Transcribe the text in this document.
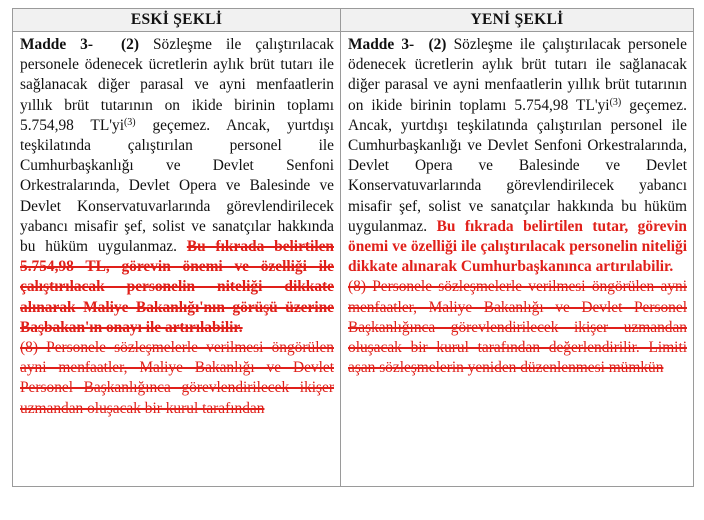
ESKİ ŞEKLİ

Madde 3- (2) Sözleşme ile çalıştırılacak personele ödenecek ücretlerin aylık brüt tutarı ile sağlanacak diğer parasal ve ayni menfaatlerin yıllık brüt tutarının on ikide birinin toplamı 5.754,98 $TL'yi^{(3)}$ geçemez. Ancak, yurtdışı teşkilatında çalıştırılan personel ile Cumhurbaşkanlığı ve Devlet Senfoni Orkestralarında, Devlet Opera ve Balesinde ve Devlet Konservatuvarlarında görevlendirilecek yabancı misafir şef, solist ve sanatçılar hakkında bu hüküm uygulanmaz. Bu fıkrada belirtilen 5.754,98 TL, görevin önemi ve özelliği ile çalıştırılacak personelin niteliği dikkate alınarak Maliye Bakanlığı'nın görüşü üzerine Başbakan'ın onayı ile artırılabilir.

(8) Personele sözleşmelerle verilmesi öngörülen ayni menfaatler, Maliye Bakanlığı ve Devlet Personel Başkanlığınca görevlendirilecek ikişer uzmandan oluşacak bir kurul tarafından

YENİ ŞEKLİ

Madde 3- (2) Sözleşme ile çalıştırılacak personele ödenecek ücretlerin aylık brüt tutarı ile sağlanacak diğer parasal ve ayni menfaatlerin yıllık brüt tutarının on ikide birinin toplamı 5.754,98 $TL'yi^{(3)}$ geçemez. Ancak, yurtdışı teşkilatında çalıştırılan personel ile Cumhurbaşkanlığı ve Devlet Senfoni Orkestralarında, Devlet Opera ve Balesinde ve Devlet Konservatuvarlarında görevlendirilecek yabancı misafir şef, solist ve sanatçılar hakkında bu hüküm uygulanmaz. Bu fıkrada belirtilen tutar, görevin önemi ve özelliği ile çalıştırılacak personelin niteliği dikkate alınarak Cumhurbaşkanınca artırılabilir.

(8) Personele sözleşmelerle verilmesi öngörülen ayni menfaatler, Maliye Bakanlığı ve Devlet Personel Başkanlığınca görevlendirilecek ikişer uzmandan oluşacak bir kurul tarafından değerlendirilir. Limiti aşan sözleşmelerin yeniden düzenlenmesi mümkün
